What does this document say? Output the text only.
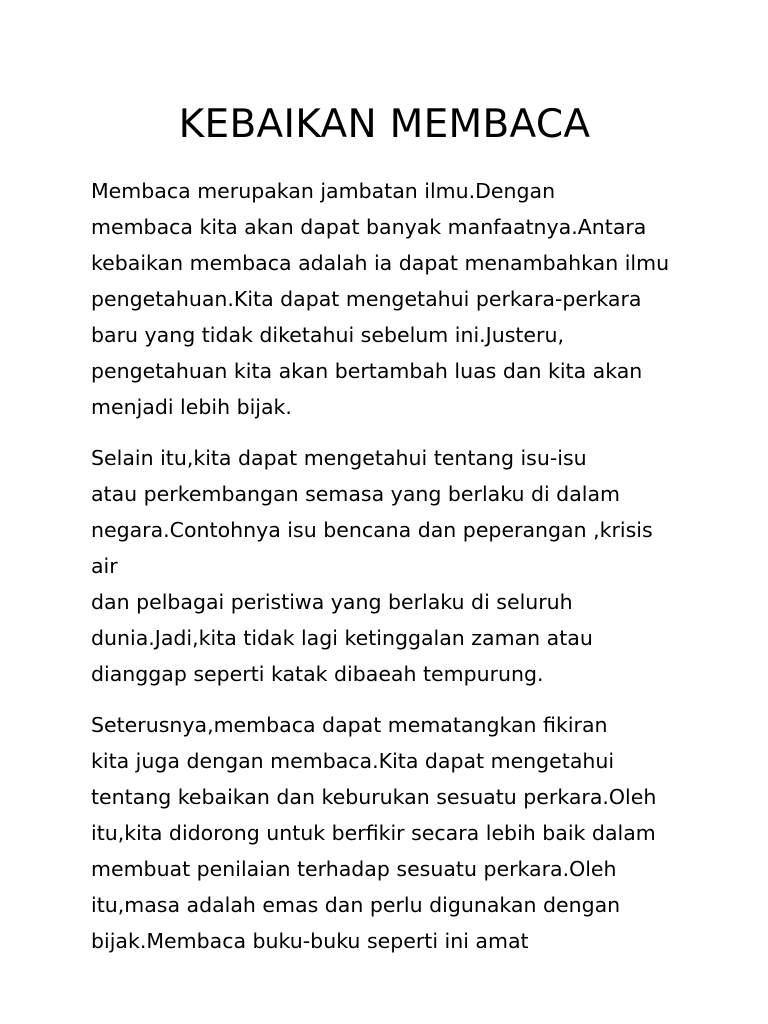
KEBAIKAN MEMBACA

Membaca merupakan jambatan ilmu.Dengan
membaca kita akan dapat banyak manfaatnya.Antara
kebaikan membaca adalah ia dapat menambahkan ilmu
pengetahuan.Kita dapat mengetahui perkara-perkara
baru yang tidak diketahui sebelum ini.Justeru,
pengetahuan kita akan bertambah luas dan kita akan
menjadi lebih bijak.

Selain itu,kita dapat mengetahui tentang isu-isu
atau perkembangan semasa yang berlaku di dalam
negara.Contohnya isu bencana dan peperangan ,krisis air
dan pelbagai peristiwa yang berlaku di seluruh
dunia.Jadi,kita tidak lagi ketinggalan zaman atau
dianggap seperti katak dibaeah tempurung.

Seterusnya,membaca dapat mematangkan fikiran
kita juga dengan membaca.Kita dapat mengetahui
tentang kebaikan dan keburukan sesuatu perkara.Oleh
itu,kita didorong untuk berfikir secara lebih baik dalam
membuat penilaian terhadap sesuatu perkara.Oleh
itu,masa adalah emas dan perlu digunakan dengan
bijak.Membaca buku-buku seperti ini amat
